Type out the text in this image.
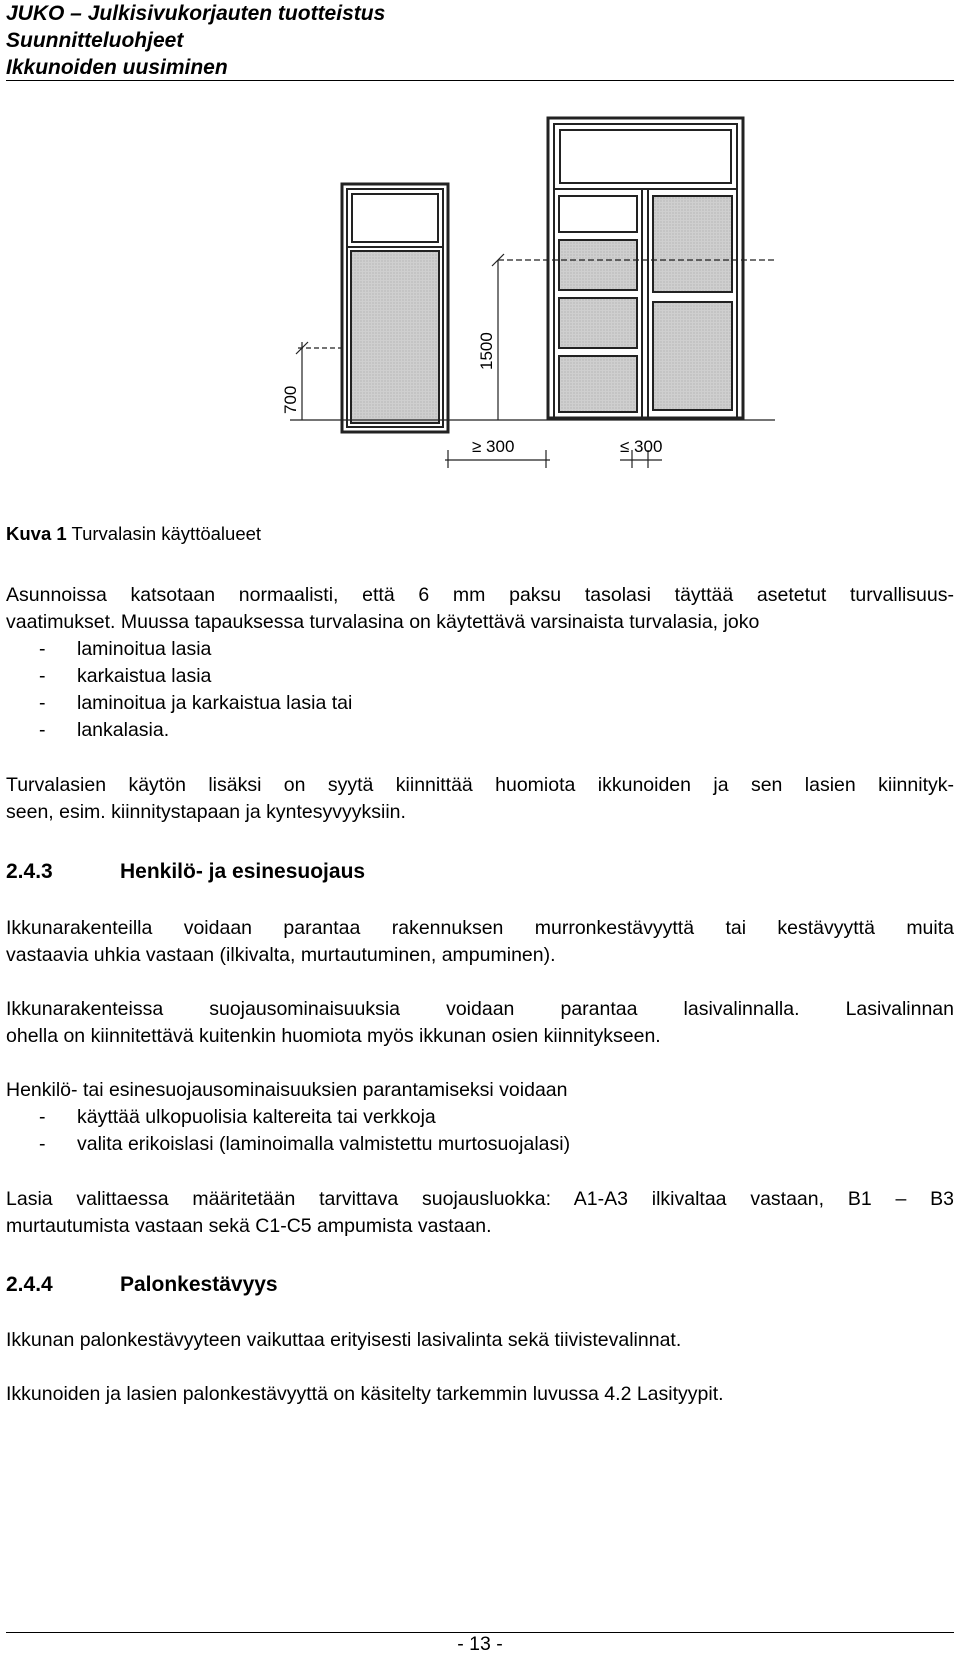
JUKO – Julkisivukorjauten tuotteistus
Suunnitteluohjeet
Ikkunoiden uusiminen
700
1500
≥ 300	≤ 300
Kuva 1 Turvalasin käyttöalueet
Asunnoissa katsotaan normaalisti, että 6 mm paksu tasolasi täyttää asetetut turvallisuus-
vaatimukset. Muussa tapauksessa turvalasina on käytettävä varsinaista turvalasia, joko
- laminoitua lasia
- karkaistua lasia
- laminoitua ja karkaistua lasia tai
- lankalasia.
Turvalasien käytön lisäksi on syytä kiinnittää huomiota ikkunoiden ja sen lasien kiinnityk-
seen, esim. kiinnitystapaan ja kyntesyvyyksiin.
2.4.3	Henkilö- ja esinesuojaus
Ikkunarakenteilla voidaan parantaa rakennuksen murronkestävyyttä tai kestävyyttä muita
vastaavia uhkia vastaan (ilkivalta, murtautuminen, ampuminen).
Ikkunarakenteissa suojausominaisuuksia voidaan parantaa lasivalinnalla. Lasivalinnan
ohella on kiinnitettävä kuitenkin huomiota myös ikkunan osien kiinnitykseen.
Henkilö- tai esinesuojausominaisuuksien parantamiseksi voidaan
- käyttää ulkopuolisia kaltereita tai verkkoja
- valita erikoislasi (laminoimalla valmistettu murtosuojalasi)
Lasia valittaessa määritetään tarvittava suojausluokka: A1-A3 ilkivaltaa vastaan, B1 – B3
murtautumista vastaan sekä C1-C5 ampumista vastaan.
2.4.4	Palonkestävyys
Ikkunan palonkestävyyteen vaikuttaa erityisesti lasivalinta sekä tiivistevalinnat.
Ikkunoiden ja lasien palonkestävyyttä on käsitelty tarkemmin luvussa 4.2 Lasityypit.
- 13 -
